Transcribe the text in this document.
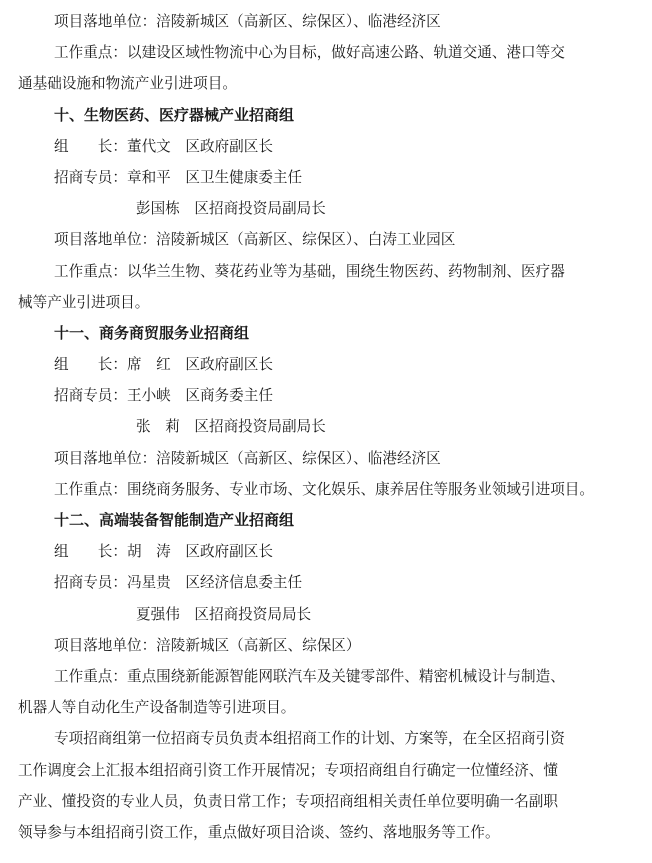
项目落地单位：涪陵新城区（高新区、综保区）、临港经济区
工作重点：以建设区域性物流中心为目标，做好高速公路、轨道交通、港口等交
通基础设施和物流产业引进项目。
十、生物医药、医疗器械产业招商组
组　　长：董代文　区政府副区长
招商专员：章和平　区卫生健康委主任
彭国栋　区招商投资局副局长
项目落地单位：涪陵新城区（高新区、综保区）、白涛工业园区
工作重点：以华兰生物、葵花药业等为基础，围绕生物医药、药物制剂、医疗器
械等产业引进项目。
十一、商务商贸服务业招商组
组　　长：席　红　区政府副区长
招商专员：王小峡　区商务委主任
张　莉　区招商投资局副局长
项目落地单位：涪陵新城区（高新区、综保区）、临港经济区
工作重点：围绕商务服务、专业市场、文化娱乐、康养居住等服务业领域引进项目。
十二、高端装备智能制造产业招商组
组　　长：胡　涛　区政府副区长
招商专员：冯星贵　区经济信息委主任
夏强伟　区招商投资局局长
项目落地单位：涪陵新城区（高新区、综保区）
工作重点：重点围绕新能源智能网联汽车及关键零部件、精密机械设计与制造、
机器人等自动化生产设备制造等引进项目。
专项招商组第一位招商专员负责本组招商工作的计划、方案等，在全区招商引资
工作调度会上汇报本组招商引资工作开展情况；专项招商组自行确定一位懂经济、懂
产业、懂投资的专业人员，负责日常工作；专项招商组相关责任单位要明确一名副职
领导参与本组招商引资工作，重点做好项目洽谈、签约、落地服务等工作。
